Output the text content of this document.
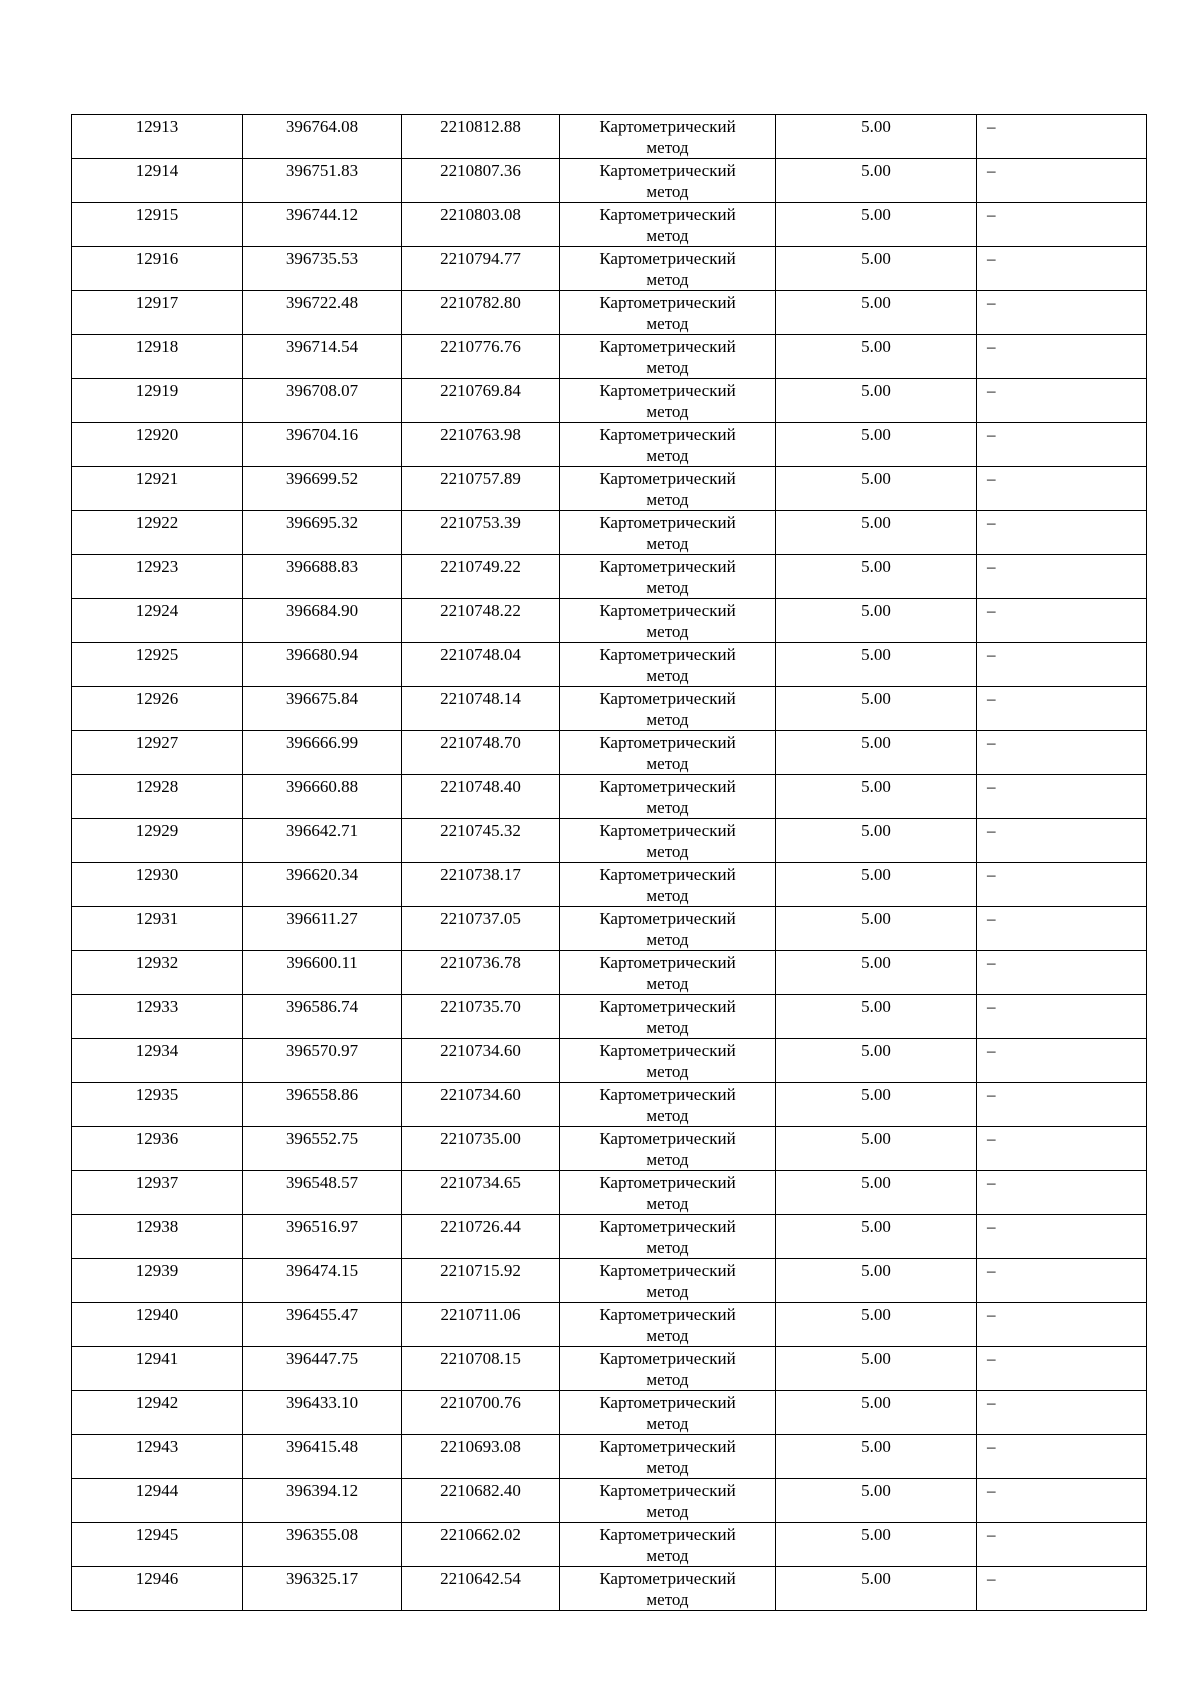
12913	396764.08	2210812.88	Картометрический метод	5.00	–

12914	396751.83	2210807.36	Картометрический метод	5.00	–

12915	396744.12	2210803.08	Картометрический метод	5.00	–

12916	396735.53	2210794.77	Картометрический метод	5.00	–

12917	396722.48	2210782.80	Картометрический метод	5.00	–

12918	396714.54	2210776.76	Картометрический метод	5.00	–

12919	396708.07	2210769.84	Картометрический метод	5.00	–

12920	396704.16	2210763.98	Картометрический метод	5.00	–

12921	396699.52	2210757.89	Картометрический метод	5.00	–

12922	396695.32	2210753.39	Картометрический метод	5.00	–

12923	396688.83	2210749.22	Картометрический метод	5.00	–

12924	396684.90	2210748.22	Картометрический метод	5.00	–

12925	396680.94	2210748.04	Картометрический метод	5.00	–

12926	396675.84	2210748.14	Картометрический метод	5.00	–

12927	396666.99	2210748.70	Картометрический метод	5.00	–

12928	396660.88	2210748.40	Картометрический метод	5.00	–

12929	396642.71	2210745.32	Картометрический метод	5.00	–

12930	396620.34	2210738.17	Картометрический метод	5.00	–

12931	396611.27	2210737.05	Картометрический метод	5.00	–

12932	396600.11	2210736.78	Картометрический метод	5.00	–

12933	396586.74	2210735.70	Картометрический метод	5.00	–

12934	396570.97	2210734.60	Картометрический метод	5.00	–

12935	396558.86	2210734.60	Картометрический метод	5.00	–

12936	396552.75	2210735.00	Картометрический метод	5.00	–

12937	396548.57	2210734.65	Картометрический метод	5.00	–

12938	396516.97	2210726.44	Картометрический метод	5.00	–

12939	396474.15	2210715.92	Картометрический метод	5.00	–

12940	396455.47	2210711.06	Картометрический метод	5.00	–

12941	396447.75	2210708.15	Картометрический метод	5.00	–

12942	396433.10	2210700.76	Картометрический метод	5.00	–

12943	396415.48	2210693.08	Картометрический метод	5.00	–

12944	396394.12	2210682.40	Картометрический метод	5.00	–

12945	396355.08	2210662.02	Картометрический метод	5.00	–

12946	396325.17	2210642.54	Картометрический метод	5.00	–
